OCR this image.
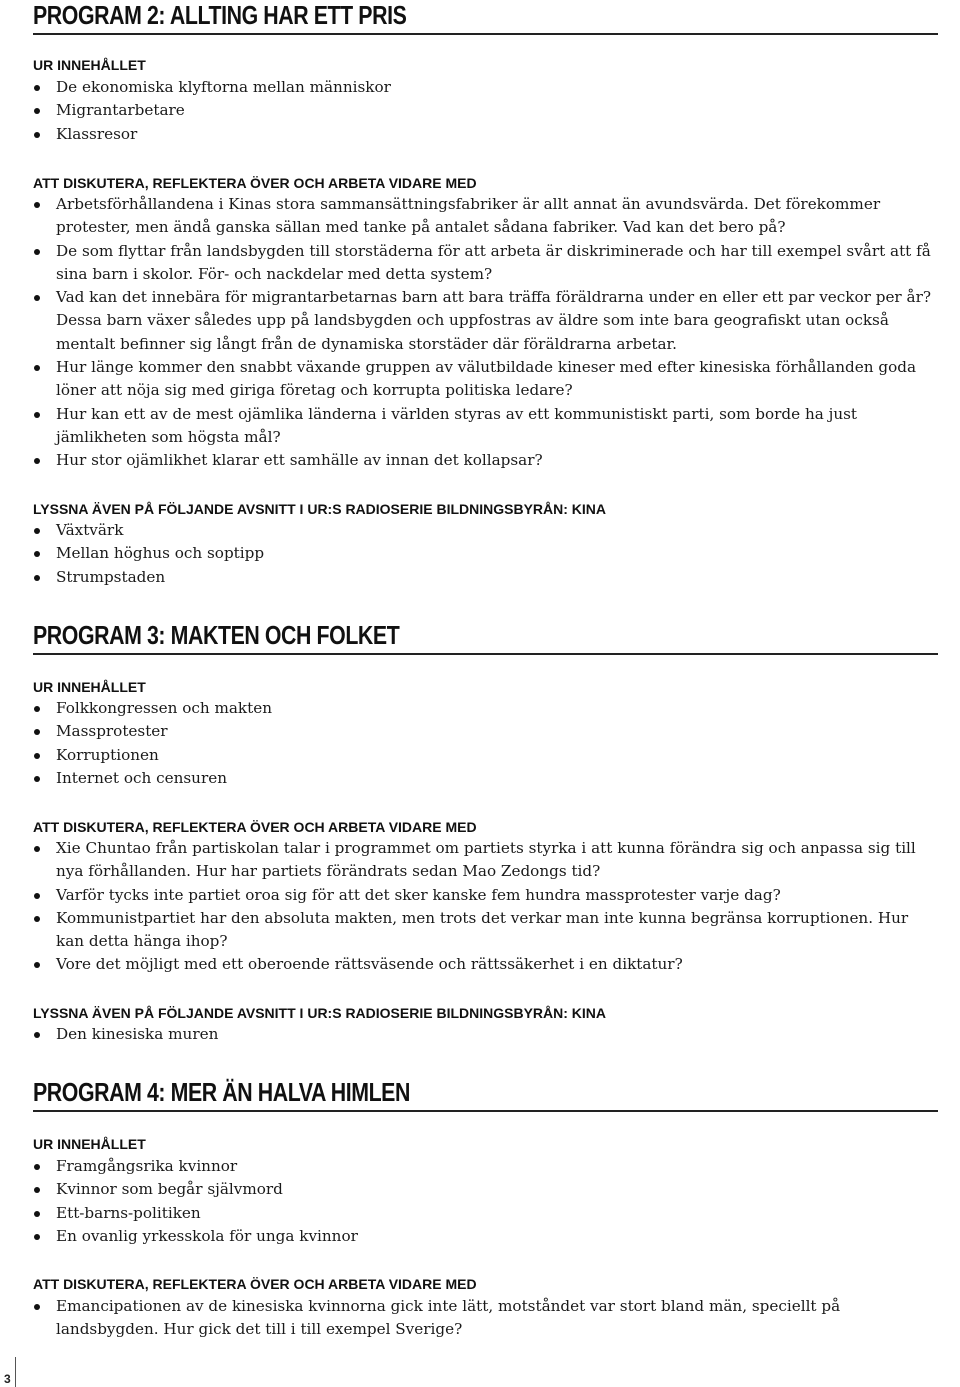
PROGRAM 2: ALLTING HAR ETT PRIS
UR INNEHÅLLET
De ekonomiska klyftorna mellan människor
Migrantarbetare
Klassresor
ATT DISKUTERA, REFLEKTERA ÖVER OCH ARBETA VIDARE MED
Arbetsförhållandena i Kinas stora sammansättningsfabriker är allt annat än avundsvärda. Det förekommer protester, men ändå ganska sällan med tanke på antalet sådana fabriker. Vad kan det bero på?
De som flyttar från landsbygden till storstäderna för att arbeta är diskriminerade och har till exempel svårt att få sina barn i skolor. För- och nackdelar med detta system?
Vad kan det innebära för migrantarbetarnas barn att bara träffa föräldrarna under en eller ett par veckor per år? Dessa barn växer således upp på landsbygden och uppfostras av äldre som inte bara geografiskt utan också mentalt befinner sig långt från de dynamiska storstäder där föräldrarna arbetar.
Hur länge kommer den snabbt växande gruppen av välutbildade kineser med efter kinesiska förhållanden goda löner att nöja sig med giriga företag och korrupta politiska ledare?
Hur kan ett av de mest ojämlika länderna i världen styras av ett kommunistiskt parti, som borde ha just jämlikheten som högsta mål?
Hur stor ojämlikhet klarar ett samhälle av innan det kollapsar?
LYSSNA ÄVEN PÅ FÖLJANDE AVSNITT I UR:S RADIOSERIE BILDNINGSBYRÅN: KINA
Växtvärk
Mellan höghus och soptipp
Strumpstaden
PROGRAM 3: MAKTEN OCH FOLKET
UR INNEHÅLLET
Folkkongressen och makten
Massprotester
Korruptionen
Internet och censuren
ATT DISKUTERA, REFLEKTERA ÖVER OCH ARBETA VIDARE MED
Xie Chuntao från partiskolan talar i programmet om partiets styrka i att kunna förändra sig och anpassa sig till nya förhållanden. Hur har partiets förändrats sedan Mao Zedongs tid?
Varför tycks inte partiet oroa sig för att det sker kanske fem hundra massprotester varje dag?
Kommunistpartiet har den absoluta makten, men trots det verkar man inte kunna begränsa korruptionen. Hur kan detta hänga ihop?
Vore det möjligt med ett oberoende rättsväsende och rättssäkerhet i en diktatur?
LYSSNA ÄVEN PÅ FÖLJANDE AVSNITT I UR:S RADIOSERIE BILDNINGSBYRÅN: KINA
Den kinesiska muren
PROGRAM 4: MER ÄN HALVA HIMLEN
UR INNEHÅLLET
Framgångsrika kvinnor
Kvinnor som begår självmord
Ett-barns-politiken
En ovanlig yrkesskola för unga kvinnor
ATT DISKUTERA, REFLEKTERA ÖVER OCH ARBETA VIDARE MED
Emancipationen av de kinesiska kvinnorna gick inte lätt, motståndet var stort bland män, speciellt på landsbygden. Hur gick det till i till exempel Sverige?
3
